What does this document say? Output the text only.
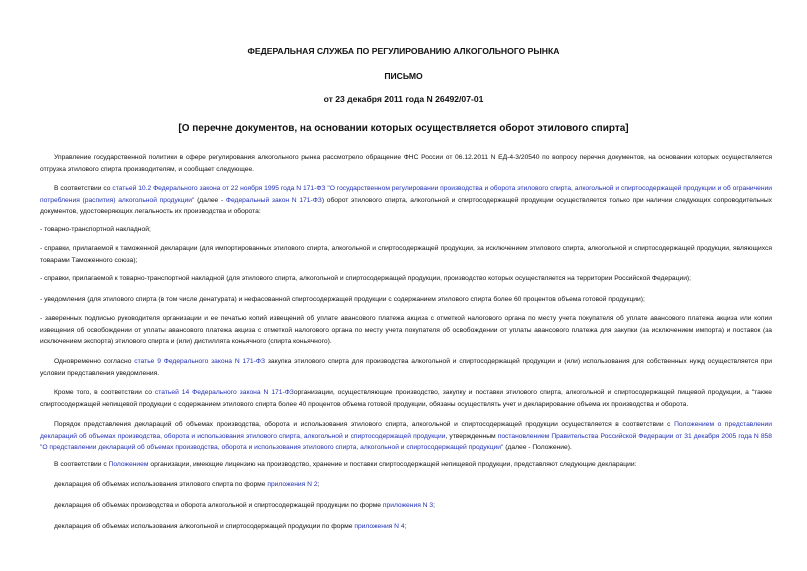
ФЕДЕРАЛЬНАЯ СЛУЖБА ПО РЕГУЛИРОВАНИЮ АЛКОГОЛЬНОГО РЫНКА
ПИСЬМО
от 23 декабря 2011 года N 26492/07-01
[О перечне документов, на основании которых осуществляется оборот этилового спирта]
Управление государственной политики в сфере регулирования алкогольного рынка рассмотрело обращение ФНС России от 06.12.2011 N ЕД-4-3/20540 по вопросу перечня документов, на основании которых осуществляется отгрузка этилового спирта производителям, и сообщает следующее.
В соответствии со статьей 10.2 Федерального закона от 22 ноября 1995 года N 171-ФЗ "О государственном регулировании производства и оборота этилового спирта, алкогольной и спиртосодержащей продукции и об ограничении потребления (распития) алкогольной продукции" (далее - Федеральный закон N 171-ФЗ) оборот этилового спирта, алкогольной и спиртосодержащей продукции осуществляется только при наличии следующих сопроводительных документов, удостоверяющих легальность их производства и оборота:
- товарно-транспортной накладной;
- справки, прилагаемой к таможенной декларации (для импортированных этилового спирта, алкогольной и спиртосодержащей продукции, за исключением этилового спирта, алкогольной и спиртосодержащей продукции, являющихся товарами Таможенного союза);
- справки, прилагаемой к товарно-транспортной накладной (для этилового спирта, алкогольной и спиртосодержащей продукции, производство которых осуществляется на территории Российской Федерации);
- уведомления (для этилового спирта (в том числе денатурата) и нефасованной спиртосодержащей продукции с содержанием этилового спирта более 60 процентов объема готовой продукции);
- заверенных подписью руководителя организации и ее печатью копий извещений об уплате авансового платежа акциза с отметкой налогового органа по месту учета покупателя об уплате авансового платежа акциза или копии извещения об освобождении от уплаты авансового платежа акциза с отметкой налогового органа по месту учета покупателя об освобождении от уплаты авансового платежа для закупки (за исключением импорта) и поставок (за исключением экспорта) этилового спирта и (или) дистиллята коньячного (спирта коньячного).
Одновременно согласно статье 9 Федерального закона N 171-ФЗ закупка этилового спирта для производства алкогольной и спиртосодержащей продукции и (или) использования для собственных нужд осуществляется при условии представления уведомления.
Кроме того, в соответствии со статьей 14 Федерального закона N 171-ФЗорганизации, осуществляющие производство, закупку и поставки этилового спирта, алкогольной и спиртосодержащей пищевой продукции, а "также спиртосодержащей непищевой продукции с содержанием этилового спирта более 40 процентов объема готовой продукции, обязаны осуществлять учет и декларирование объема их производства и оборота.
Порядок представления деклараций об объемах производства, оборота и использования этилового спирта, алкогольной и спиртосодержащей продукции осуществляется в соответствии с Положением о представлении деклараций об объемах производства, оборота и использования этилового спирта, алкогольной и спиртосодержащей продукции, утвержденным постановлением Правительства Российской Федерации от 31 декабря 2005 года N 858 "О представлении деклараций об объемах производства, оборота и использования этилового спирта, алкогольной и спиртосодержащей продукции" (далее - Положение).
В соответствии с Положением организации, имеющие лицензию на производство, хранение и поставки спиртосодержащей непищевой продукции, представляют следующие декларации:
декларация об объемах использования этилового спирта по форме приложения N 2;
декларация об объемах производства и оборота алкогольной и спиртосодержащей продукции по форме приложения N 3;
декларация об объемах использования алкогольной и спиртосодержащей продукции по форме приложения N 4;
